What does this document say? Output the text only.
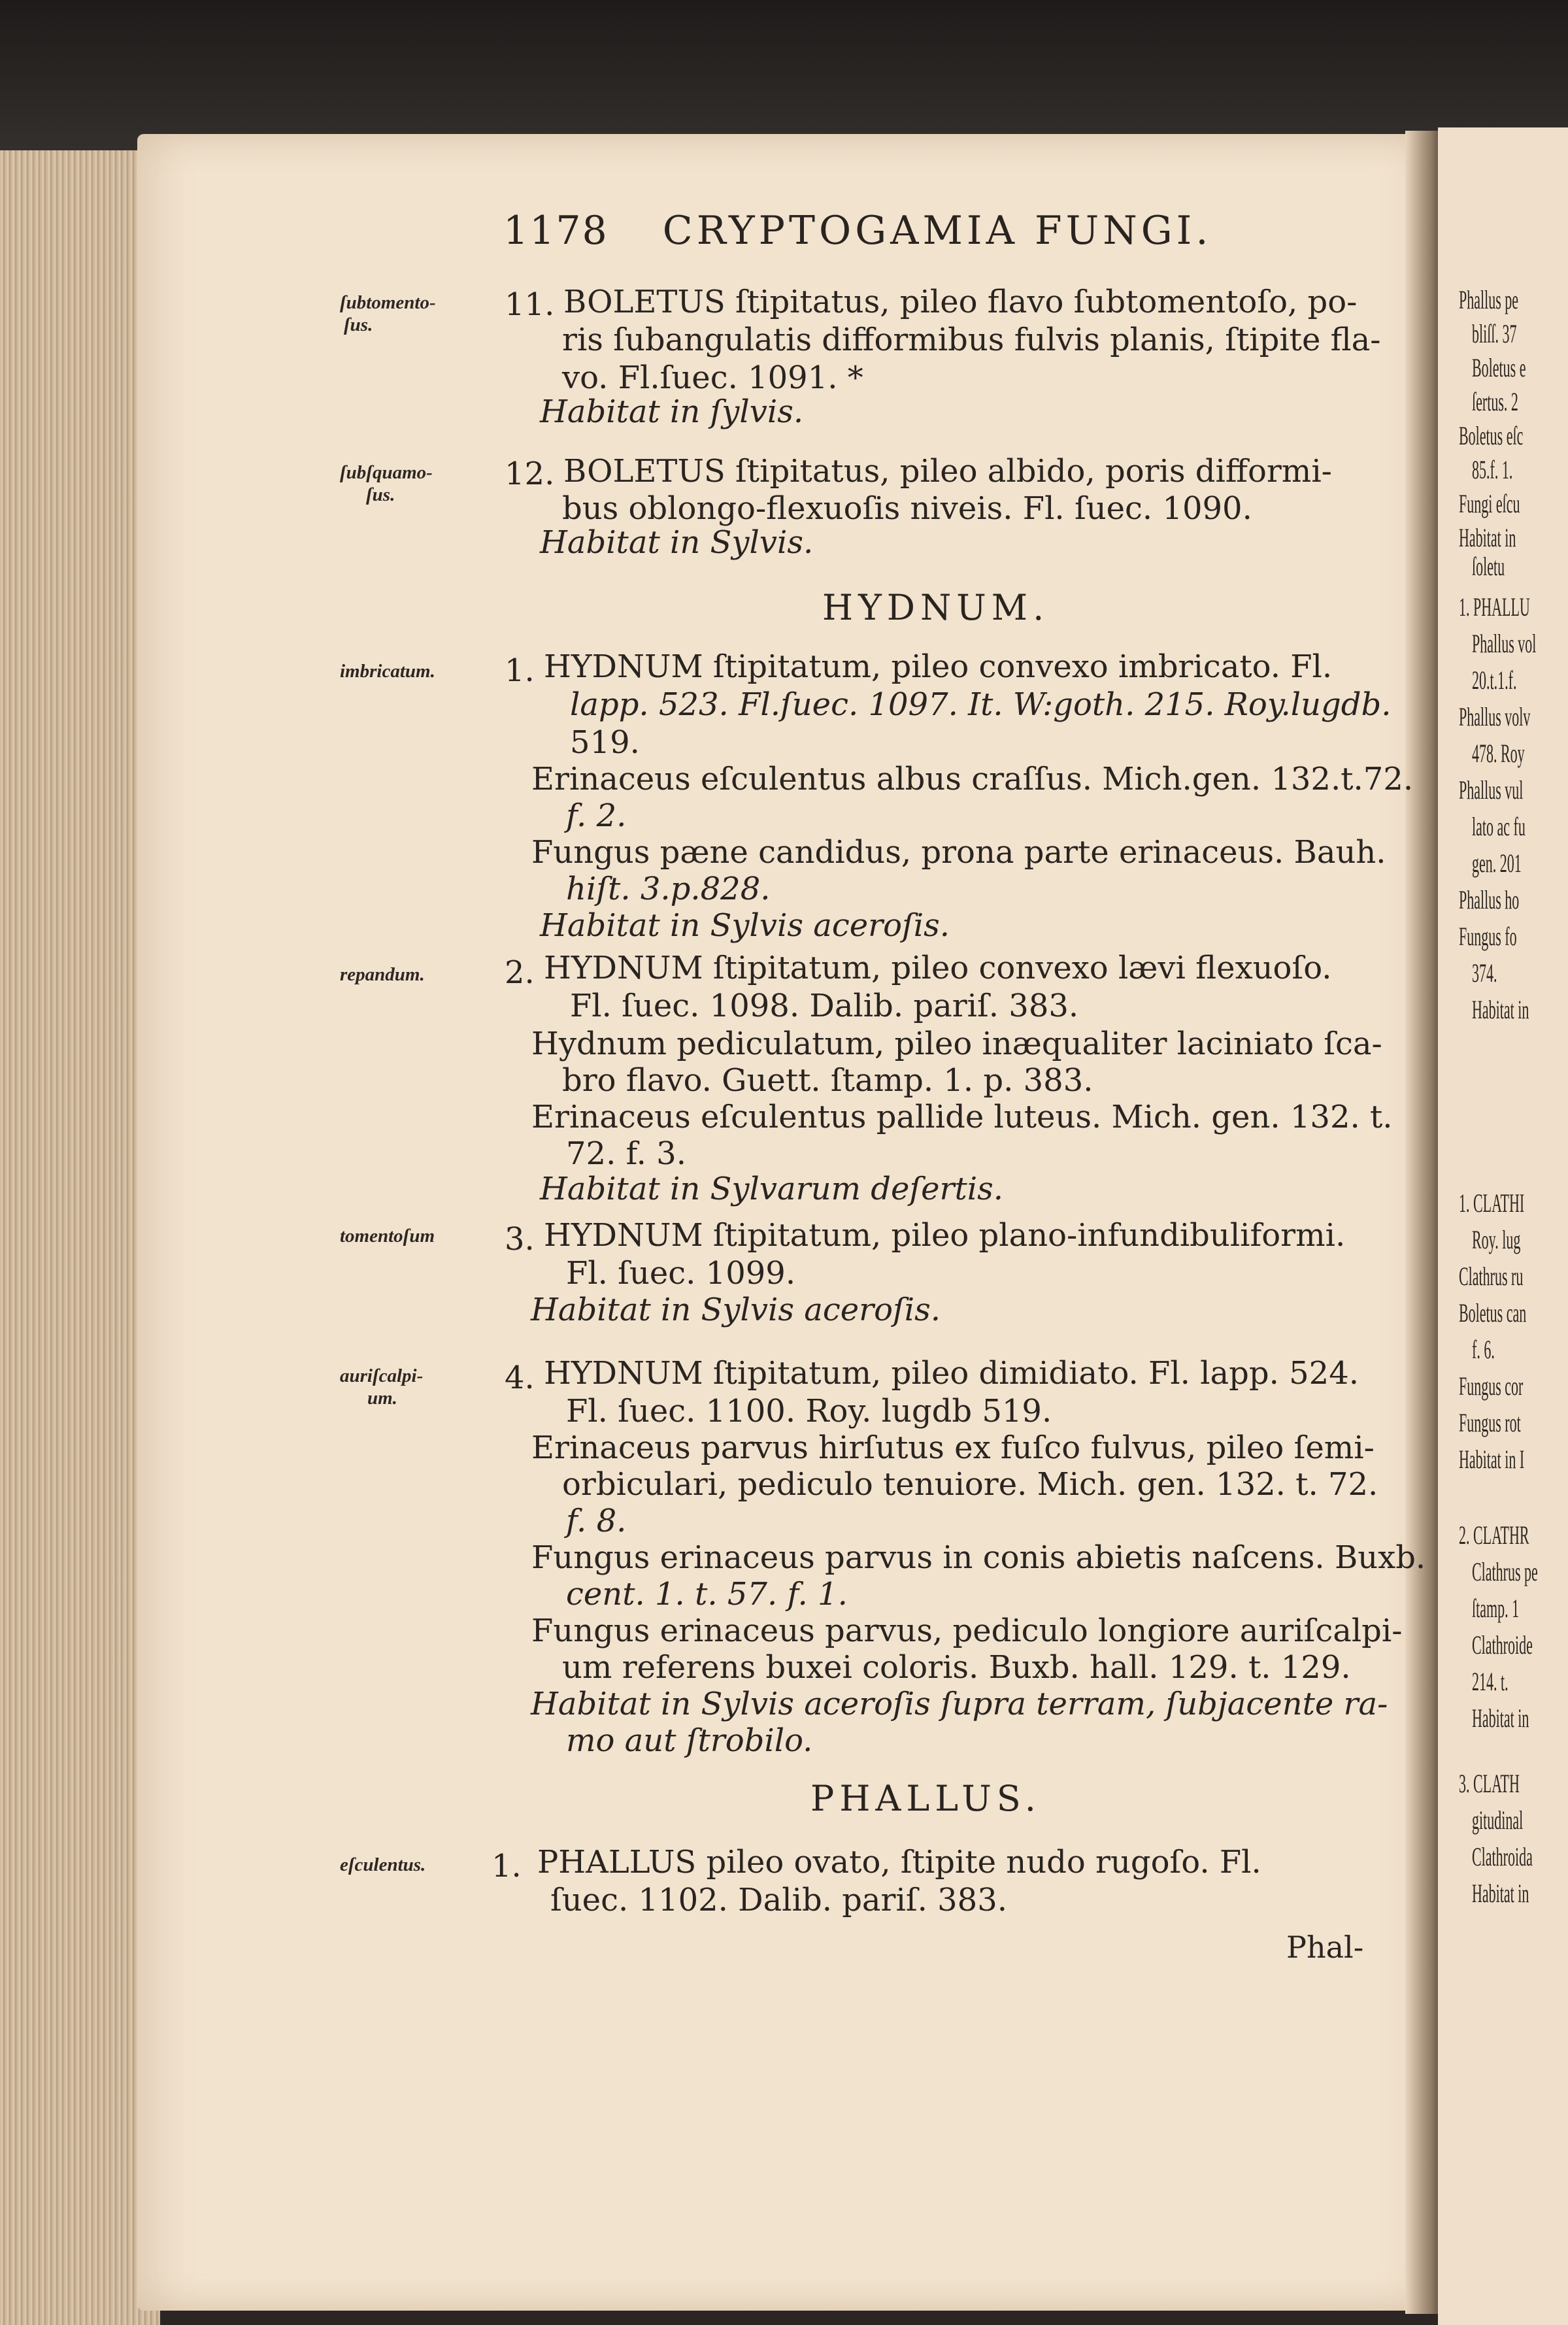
Phallus pe
bliſſ. 37
Boletus e
ſertus. 2
Boletus eſc
85.f. 1.
Fungi eſcu
Habitat in
ſoletu
1. PHALLU
Phallus vol
20.t.1.f.
Phallus volv
478. Roy
Phallus vul
lato ac fu
gen. 201
Phallus ho
Fungus fo
374.
Habitat in
1. CLATHI
Roy. lug
Clathrus ru
Boletus can
f. 6.
Fungus cor
Fungus rot
Habitat in I
2. CLATHR
Clathrus pe
ſtamp. 1
Clathroide
214. t.
Habitat in
3. CLATH
gitudinal
Clathroida
Habitat in
1178 CRYPTOGAMIA FUNGI.
ſubtomento-
ſus.
11. BOLETUS ſtipitatus, pileo flavo ſubtomentoſo, po-
ris ſubangulatis difformibus fulvis planis, ſtipite fla-
vo. Fl.ſuec. 1091. *
Habitat in ſylvis.
ſubſquamo-
ſus.
12. BOLETUS ſtipitatus, pileo albido, poris difformi-
bus oblongo-flexuoſis niveis. Fl. ſuec. 1090.
Habitat in Sylvis.
HYDNUM.
imbricatum. 1. HYDNUM ſtipitatum, pileo convexo imbricato. Fl.
lapp. 523. Fl.ſuec. 1097. It. W:goth. 215. Roy.lugdb.
519.
Erinaceus eſculentus albus craſſus. Mich.gen. 132.t.72.
f. 2.
Fungus pæne candidus, prona parte erinaceus. Bauh.
hiſt. 3.p.828.
Habitat in Sylvis aceroſis.
repandum.	2. HYDNUM ſtipitatum, pileo convexo lævi flexuoſo.
Fl. ſuec. 1098. Dalib. pariſ. 383.
Hydnum pediculatum, pileo inæqualiter laciniato ſca-
bro flavo. Guett. ſtamp. 1. p. 383.
Erinaceus eſculentus pallide luteus. Mich. gen. 132. t.
72. f. 3.
Habitat in Sylvarum deſertis.
tomentoſum 3. HYDNUM ſtipitatum, pileo plano-infundibuliformi.
Fl. ſuec. 1099.
Habitat in Sylvis aceroſis.
auriſcalpi-
um.
4. HYDNUM ſtipitatum, pileo dimidiato. Fl. lapp. 524.
Fl. ſuec. 1100. Roy. lugdb 519.
Erinaceus parvus hirſutus ex fuſco fulvus, pileo ſemi-
orbiculari, pediculo tenuiore. Mich. gen. 132. t. 72.
f. 8.
Fungus erinaceus parvus in conis abietis naſcens. Buxb.
cent. 1. t. 57. f. 1.
Fungus erinaceus parvus, pediculo longiore auriſcalpi-
um referens buxei coloris. Buxb. hall. 129. t. 129.
Habitat in Sylvis aceroſis ſupra terram, ſubjacente ra-
mo aut ſtrobilo.
PHALLUS.
eſculentus. 1. PHALLUS pileo ovato, ſtipite nudo rugoſo. Fl.
ſuec. 1102. Dalib. pariſ. 383.
Phal-
